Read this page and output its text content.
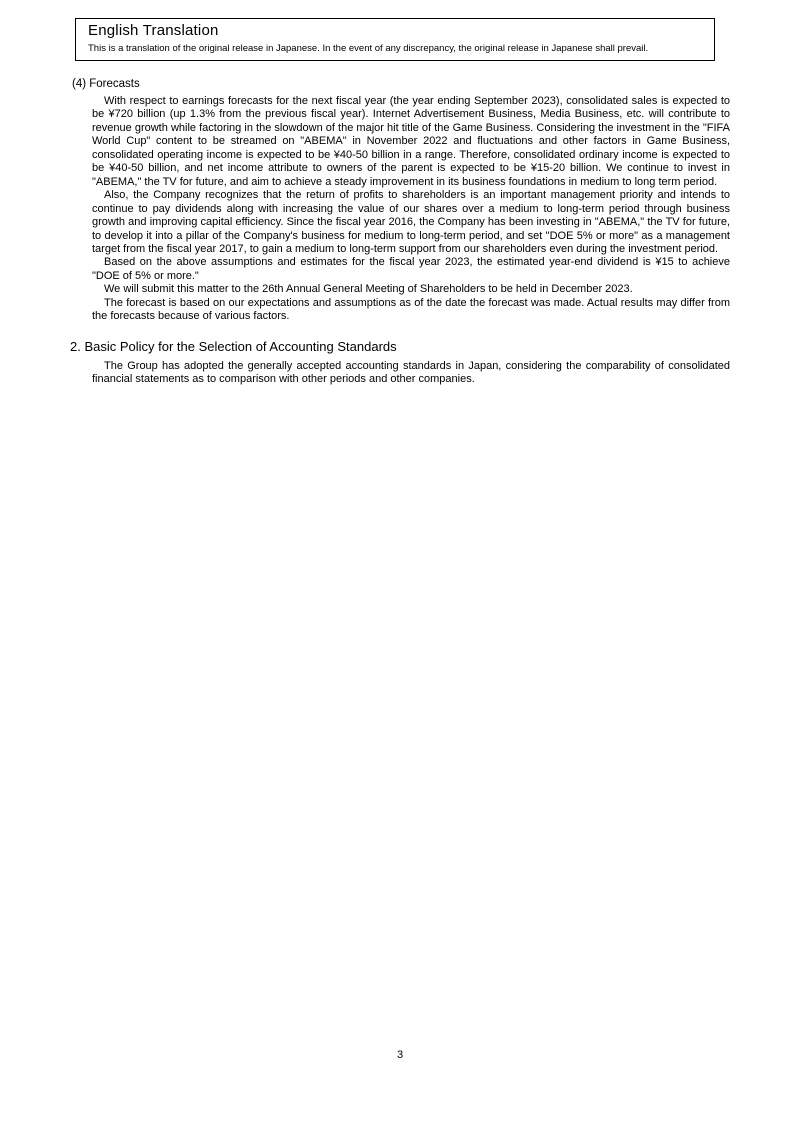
English Translation
This is a translation of the original release in Japanese. In the event of any discrepancy, the original release in Japanese shall prevail.
(4) Forecasts

With respect to earnings forecasts for the next fiscal year (the year ending September 2023), consolidated sales is expected to be ¥720 billion (up 1.3% from the previous fiscal year). Internet Advertisement Business, Media Business, etc. will contribute to revenue growth while factoring in the slowdown of the major hit title of the Game Business. Considering the investment in the "FIFA World Cup" content to be streamed on "ABEMA" in November 2022 and fluctuations and other factors in Game Business, consolidated operating income is expected to be ¥40-50 billion in a range. Therefore, consolidated ordinary income is expected to be ¥40-50 billion, and net income attribute to owners of the parent is expected to be ¥15-20 billion. We continue to invest in "ABEMA," the TV for future, and aim to achieve a steady improvement in its business foundations in medium to long term period.

Also, the Company recognizes that the return of profits to shareholders is an important management priority and intends to continue to pay dividends along with increasing the value of our shares over a medium to long-term period through business growth and improving capital efficiency. Since the fiscal year 2016, the Company has been investing in "ABEMA," the TV for future, to develop it into a pillar of the Company's business for medium to long-term period, and set "DOE 5% or more" as a management target from the fiscal year 2017, to gain a medium to long-term support from our shareholders even during the investment period.

Based on the above assumptions and estimates for the fiscal year 2023, the estimated year-end dividend is ¥15 to achieve "DOE of 5% or more."

We will submit this matter to the 26th Annual General Meeting of Shareholders to be held in December 2023.

The forecast is based on our expectations and assumptions as of the date the forecast was made. Actual results may differ from the forecasts because of various factors.

2. Basic Policy for the Selection of Accounting Standards

The Group has adopted the generally accepted accounting standards in Japan, considering the comparability of consolidated financial statements as to comparison with other periods and other companies.

3
